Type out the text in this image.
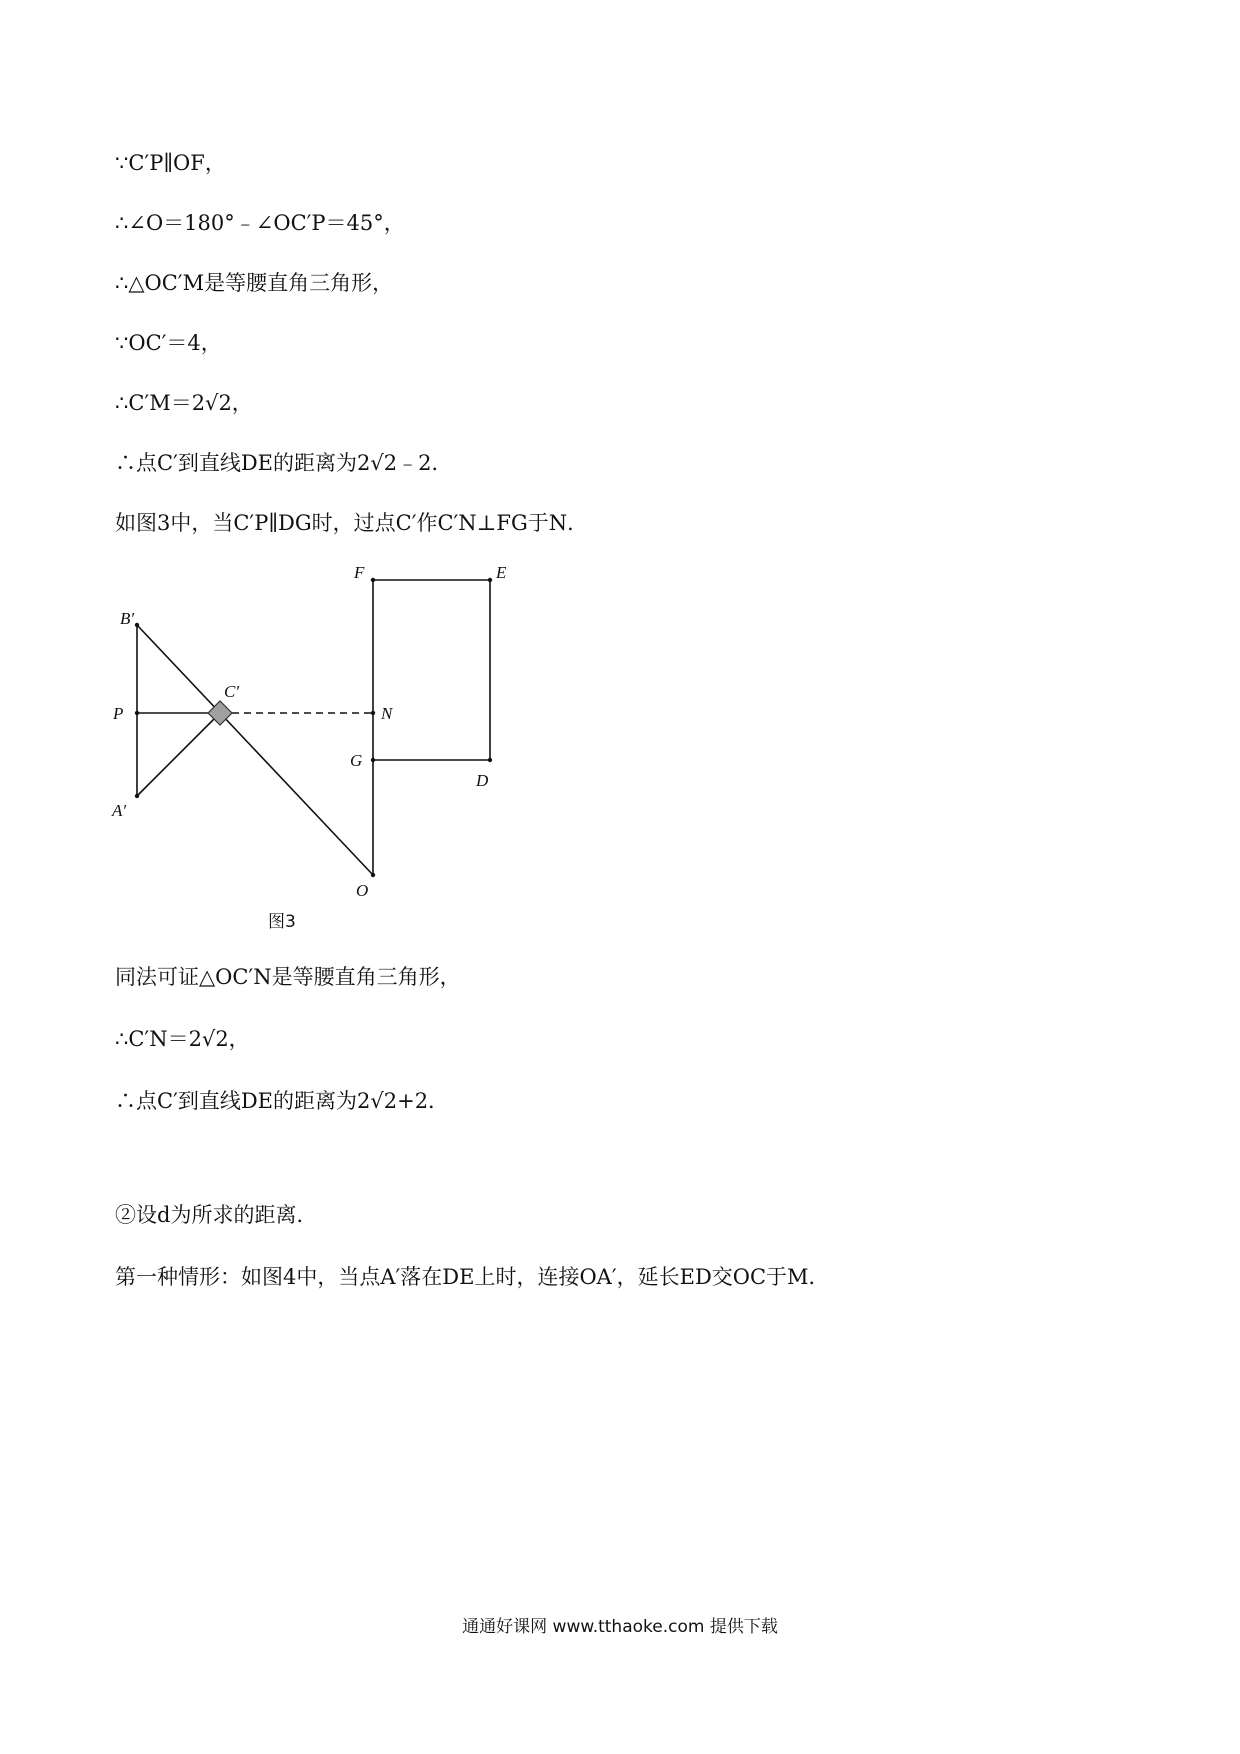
∵C′P∥OF，
∴∠O＝180°﹣∠OC′P＝45°，
∴△OC′M是等腰直角三角形，
∵OC′＝4，
∴C′M＝2√2，
∴点C′到直线DE的距离为2√2﹣2．
如图3中，当C′P∥DG时，过点C′作C′N⊥FG于N．
F	E
B′
C′
P	N
G
D
A′
O
图3
同法可证△OC′N是等腰直角三角形，
∴C′N＝2√2，
∴点C′到直线DE的距离为2√2+2．
②设d为所求的距离．
第一种情形：如图4中，当点A′落在DE上时，连接OA′，延长ED交OC于M．
通通好课网 www.tthaoke.com 提供下载
